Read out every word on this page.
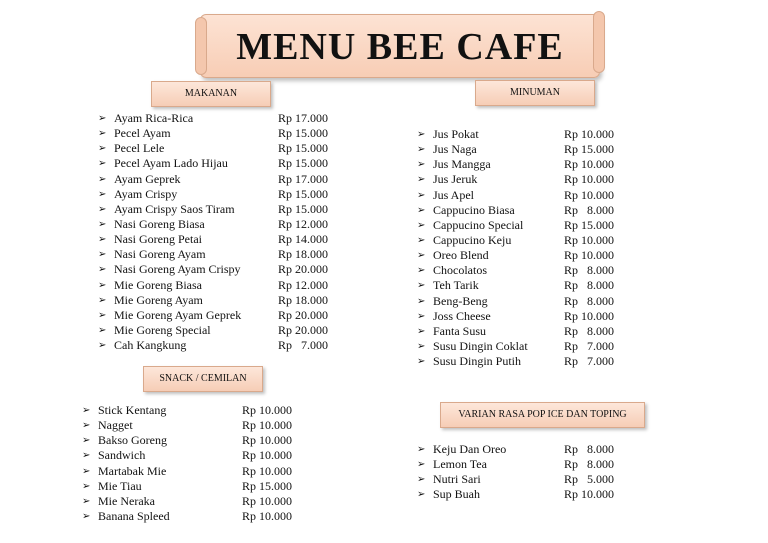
MENU BEE CAFE
MAKANAN	MINUMAN
SNACK / CEMILAN
VARIAN RASA POP ICE DAN TOPING
➢ Ayam Rica-Rica	Rp 17.000
➢ Pecel Ayam	Rp 15.000
➢ Pecel Lele	Rp 15.000
➢ Pecel Ayam Lado Hijau	Rp 15.000
➢ Ayam Geprek	Rp 17.000
➢ Ayam Crispy	Rp 15.000
➢ Ayam Crispy Saos Tiram	Rp 15.000
➢ Nasi Goreng Biasa	Rp 12.000
➢ Nasi Goreng Petai	Rp 14.000
➢ Nasi Goreng Ayam	Rp 18.000
➢ Nasi Goreng Ayam Crispy	Rp 20.000
➢ Mie Goreng Biasa	Rp 12.000
➢ Mie Goreng Ayam	Rp 18.000
➢ Mie Goreng Ayam Geprek	Rp 20.000
➢ Mie Goreng Special	Rp 20.000
➢ Cah Kangkung	Rp   7.000
➢ Jus Pokat	Rp 10.000
➢ Jus Naga	Rp 15.000
➢ Jus Mangga	Rp 10.000
➢ Jus Jeruk	Rp 10.000
➢ Jus Apel	Rp 10.000
➢ Cappucino Biasa	Rp   8.000
➢ Cappucino Special	Rp 15.000
➢ Cappucino Keju	Rp 10.000
➢ Oreo Blend	Rp 10.000
➢ Chocolatos	Rp   8.000
➢ Teh Tarik	Rp   8.000
➢ Beng-Beng	Rp   8.000
➢ Joss Cheese	Rp 10.000
➢ Fanta Susu	Rp   8.000
➢ Susu Dingin Coklat	Rp   7.000
➢ Susu Dingin Putih	Rp   7.000
➢ Stick Kentang	Rp 10.000
➢ Nagget	Rp 10.000
➢ Bakso Goreng	Rp 10.000
➢ Sandwich	Rp 10.000
➢ Martabak Mie	Rp 10.000
➢ Mie Tiau	Rp 15.000
➢ Mie Neraka	Rp 10.000
➢ Banana Spleed	Rp 10.000
➢ Keju Dan Oreo	Rp   8.000
➢ Lemon Tea	Rp   8.000
➢ Nutri Sari	Rp   5.000
➢ Sup Buah	Rp 10.000
